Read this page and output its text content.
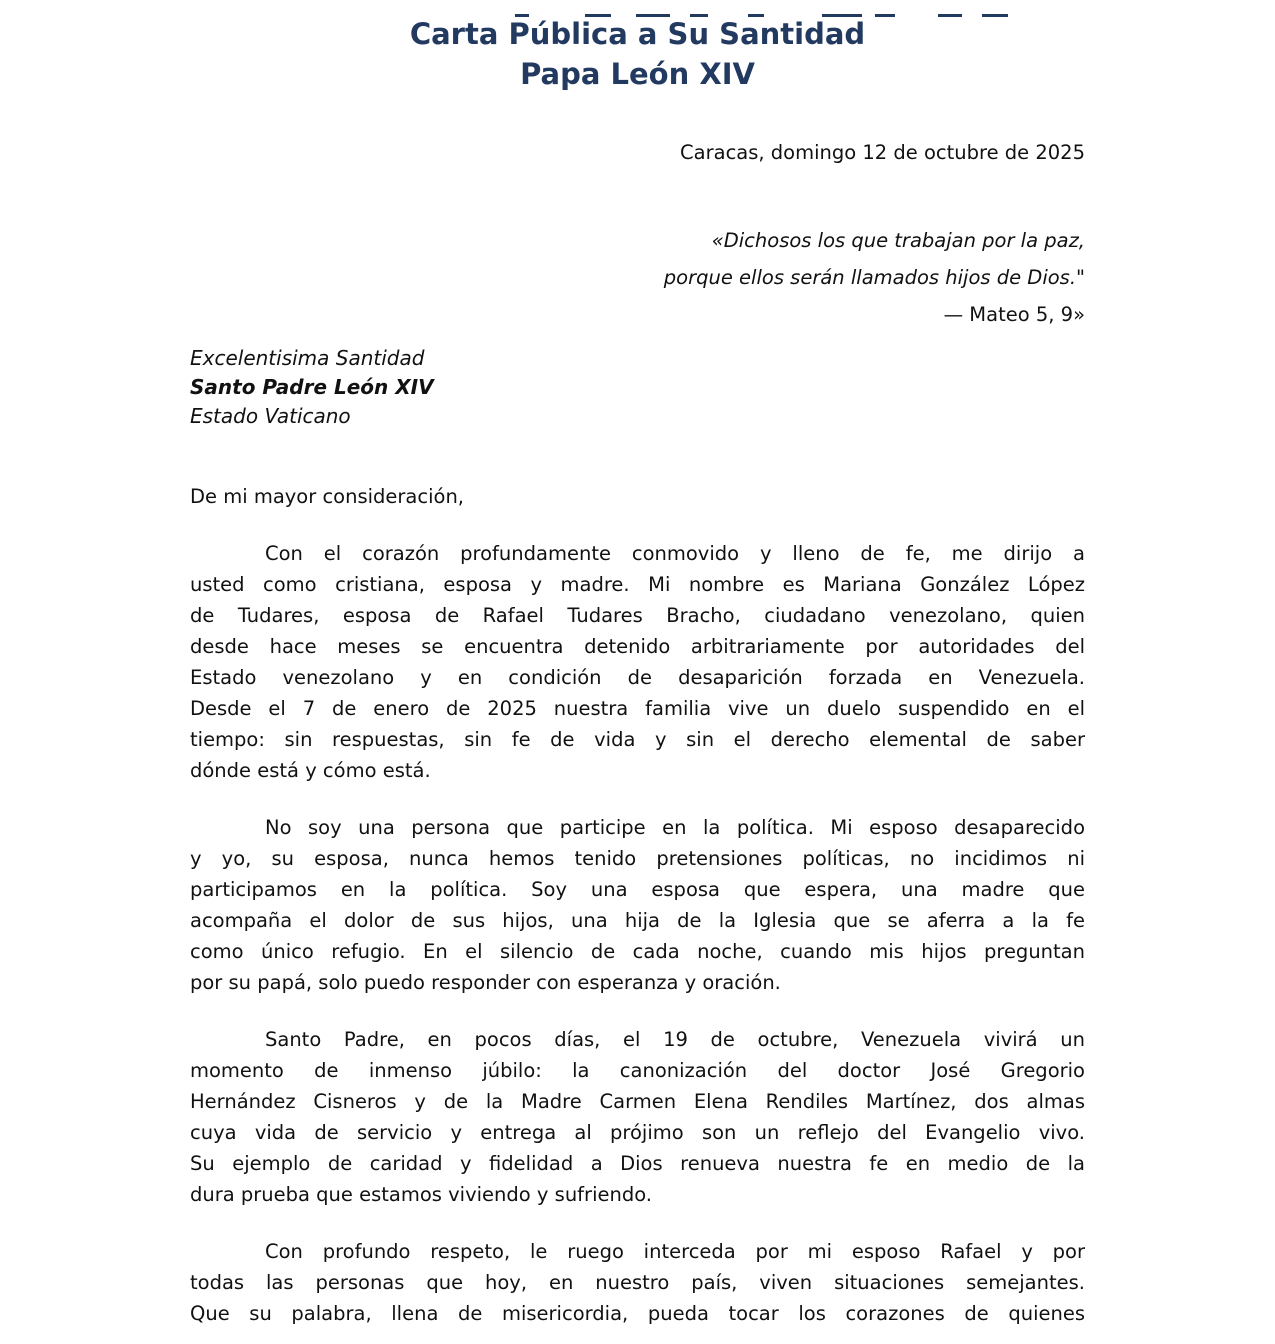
Carta Pública a Su Santidad
Papa León XIV
Caracas, domingo 12 de octubre de 2025
«Dichosos los que trabajan por la paz,
porque ellos serán llamados hijos de Dios."
— Mateo 5, 9»
Excelentisima Santidad
Santo Padre León XIV
Estado Vaticano
De mi mayor consideración,
Con el corazón profundamente conmovido y lleno de fe, me dirijo a
usted como cristiana, esposa y madre. Mi nombre es Mariana González López
de Tudares, esposa de Rafael Tudares Bracho, ciudadano venezolano, quien
desde hace meses se encuentra detenido arbitrariamente por autoridades del
Estado venezolano y en condición de desaparición forzada en Venezuela.
Desde el 7 de enero de 2025 nuestra familia vive un duelo suspendido en el
tiempo: sin respuestas, sin fe de vida y sin el derecho elemental de saber
dónde está y cómo está.
No soy una persona que participe en la política. Mi esposo desaparecido
y yo, su esposa, nunca hemos tenido pretensiones políticas, no incidimos ni
participamos en la política. Soy una esposa que espera, una madre que
acompaña el dolor de sus hijos, una hija de la Iglesia que se aferra a la fe
como único refugio. En el silencio de cada noche, cuando mis hijos preguntan
por su papá, solo puedo responder con esperanza y oración.
Santo Padre, en pocos días, el 19 de octubre, Venezuela vivirá un
momento de inmenso júbilo: la canonización del doctor José Gregorio
Hernández Cisneros y de la Madre Carmen Elena Rendiles Martínez, dos almas
cuya vida de servicio y entrega al prójimo son un reflejo del Evangelio vivo.
Su ejemplo de caridad y fidelidad a Dios renueva nuestra fe en medio de la
dura prueba que estamos viviendo y sufriendo.
Con profundo respeto, le ruego interceda por mi esposo Rafael y por
todas las personas que hoy, en nuestro país, viven situaciones semejantes.
Que su palabra, llena de misericordia, pueda tocar los corazones de quienes
